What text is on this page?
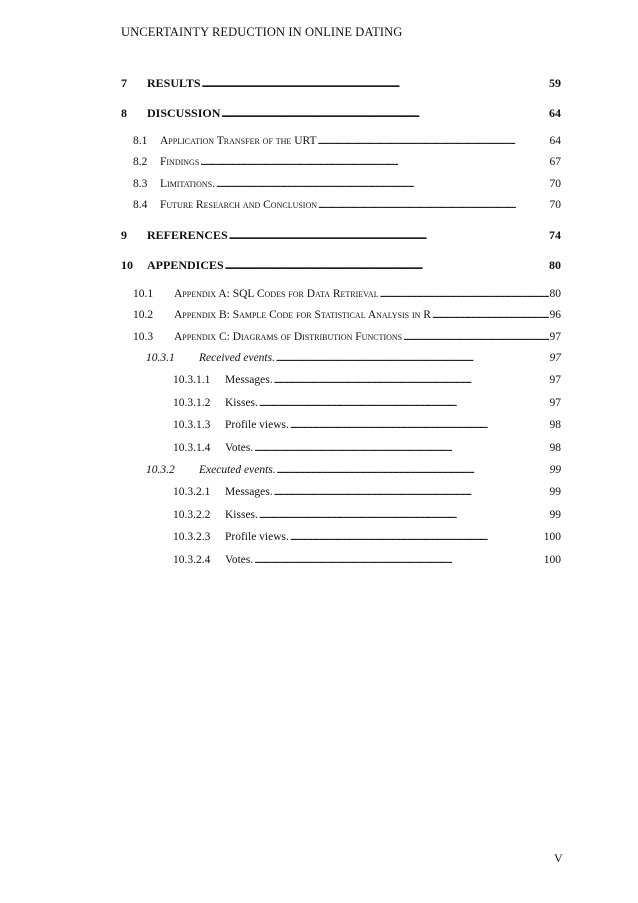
UNCERTAINTY REDUCTION IN ONLINE DATING
7	RESULTS . . .	59
8	DISCUSSION . . .	64
8.1	Application Transfer of the URT . . .	64
8.2	Findings . . .	67
8.3	Limitations. . . .	70
8.4	Future Research and Conclusion . . .	70
9	REFERENCES . . .	74
10	APPENDICES . . .	80
10.1	Appendix A: SQL Codes for Data Retrieval . . .	80
10.2	Appendix B: Sample Code for Statistical Analysis in R . . .	96
10.3	Appendix C: Diagrams of Distribution Functions . . .	97
10.3.1	Received events. . . .	97
10.3.1.1	Messages. . . .	97
10.3.1.2	Kisses. . . .	97
10.3.1.3	Profile views. . . .	98
10.3.1.4	Votes. . . .	98
10.3.2	Executed events. . . .	99
10.3.2.1	Messages. . . .	99
10.3.2.2	Kisses. . . .	99
10.3.2.3	Profile views. . . .	100
10.3.2.4	Votes. . . .	100
V
